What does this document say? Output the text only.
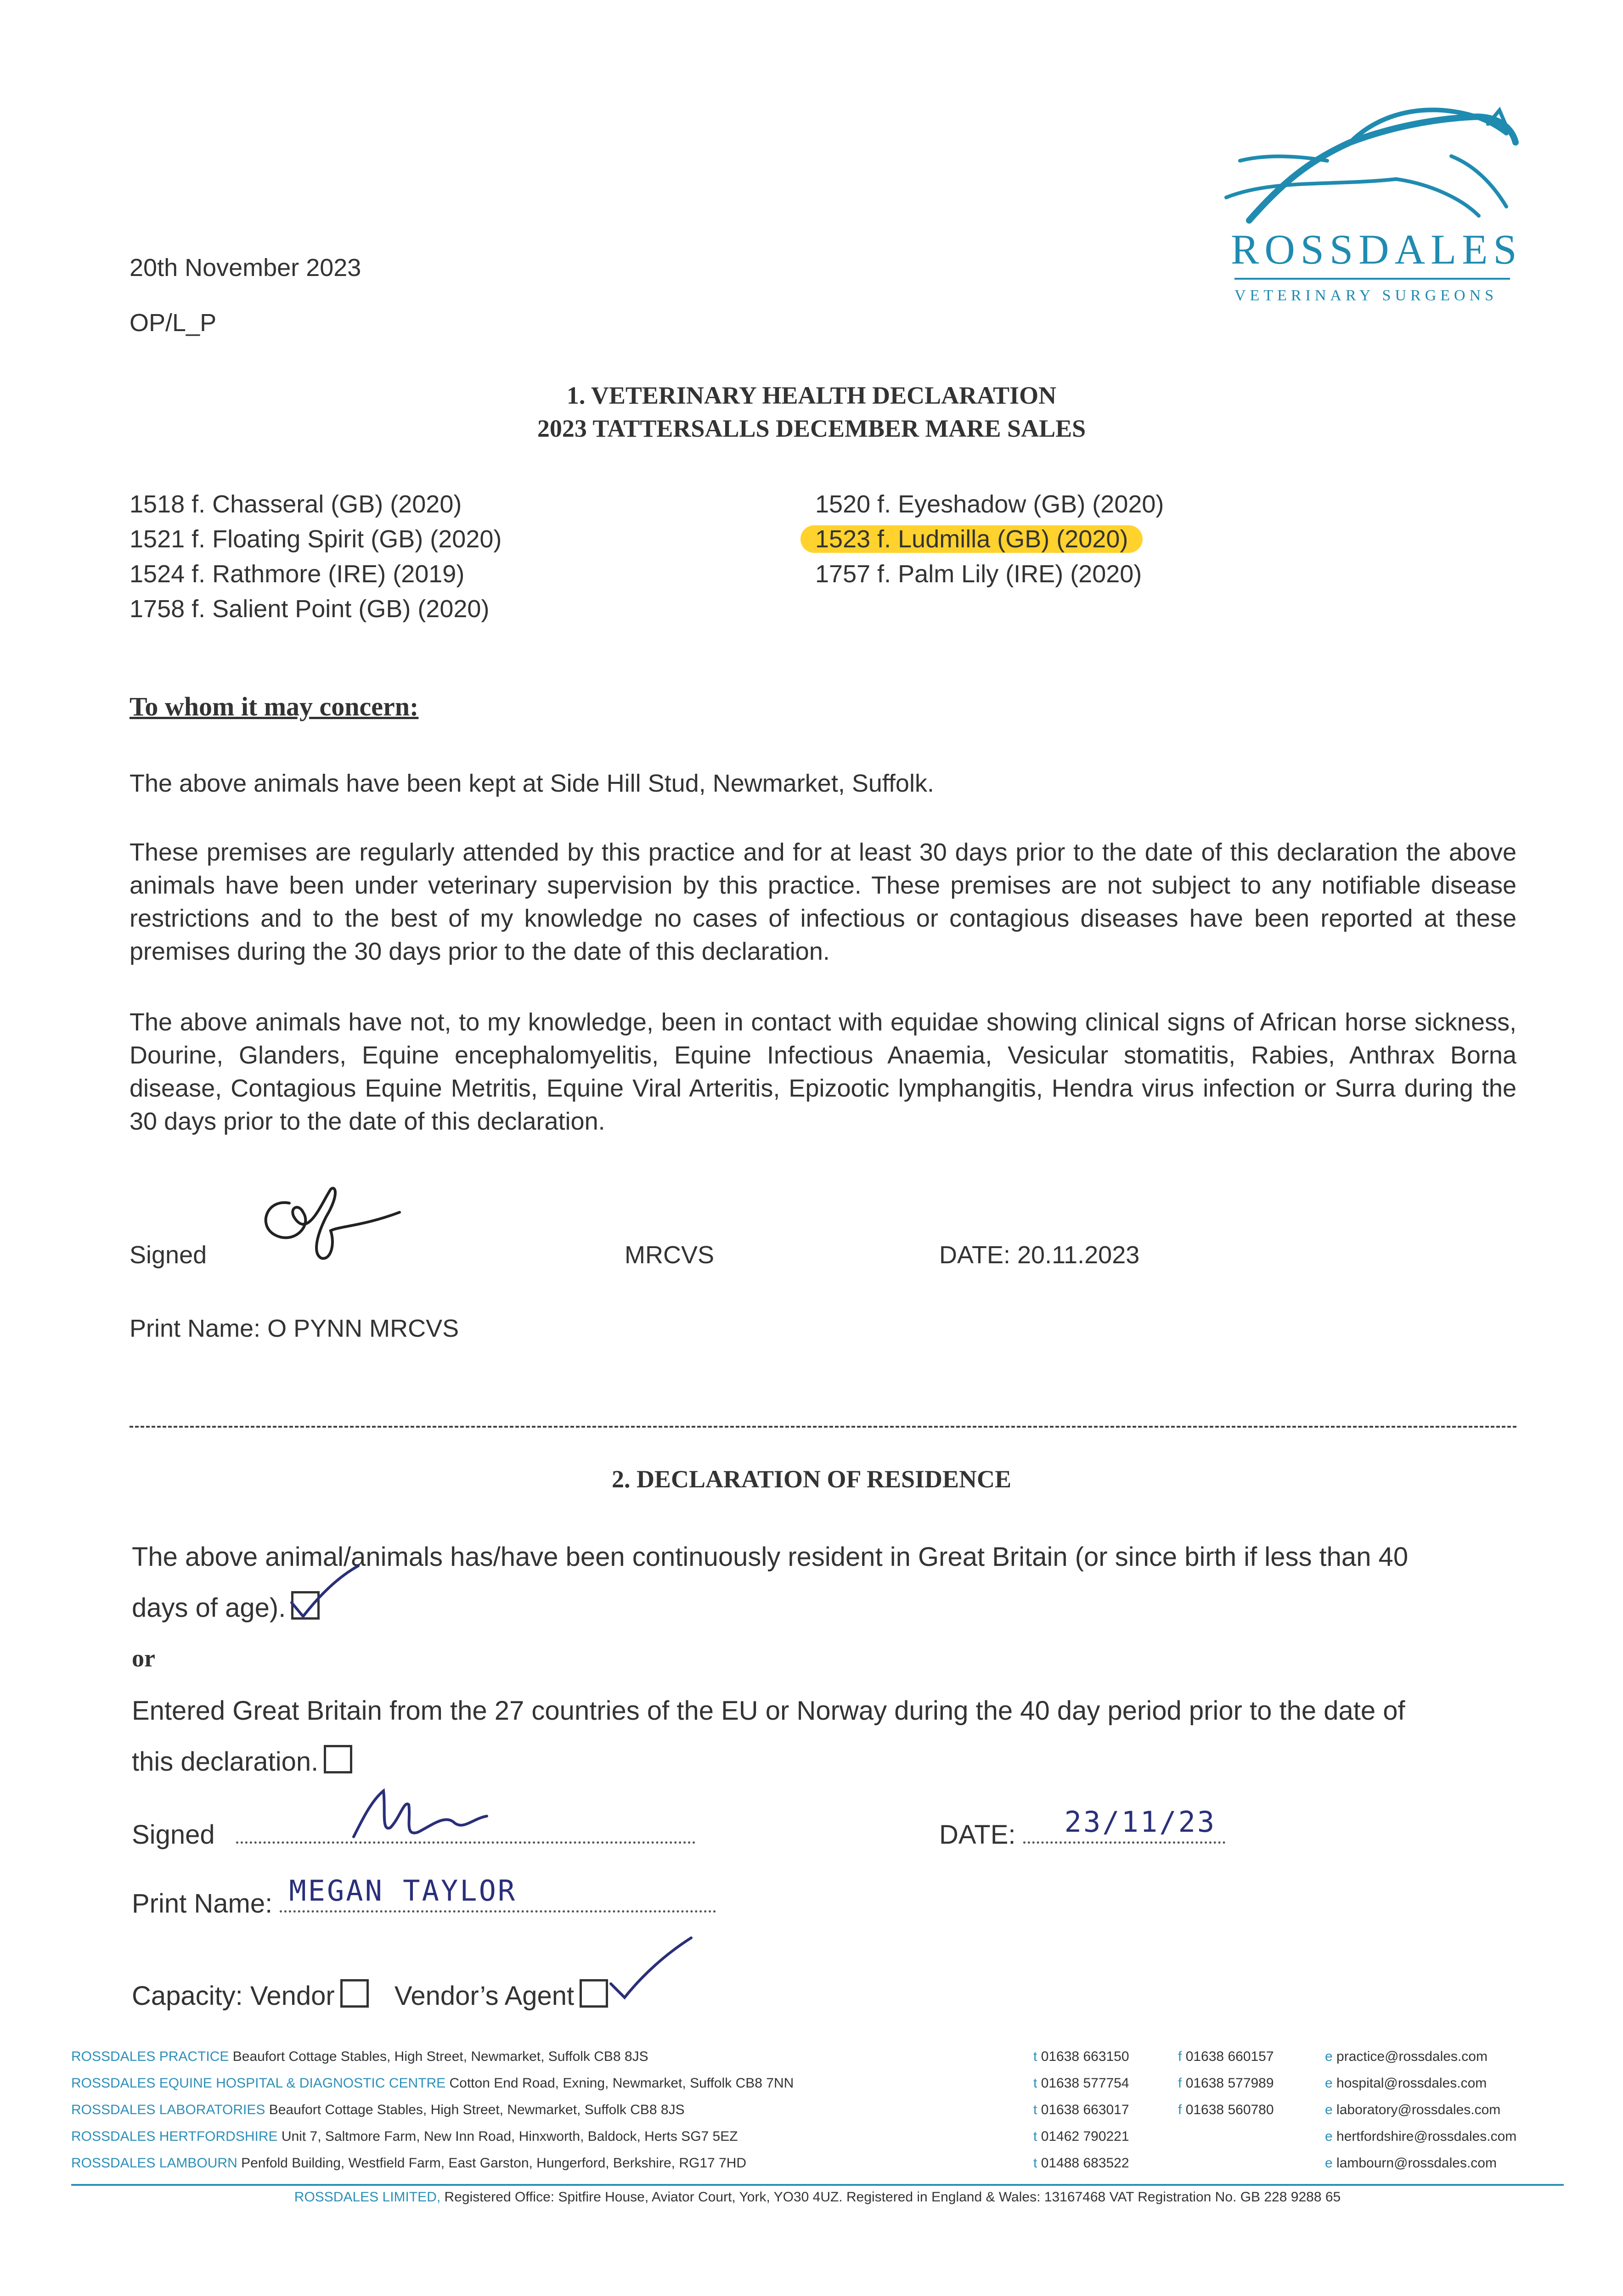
20th November 2023
OP/L_P
ROSSDALES
VETERINARY SURGEONS
1. VETERINARY HEALTH DECLARATION
2023 TATTERSALLS DECEMBER MARE SALES
1518 f. Chasseral (GB) (2020)
1521 f. Floating Spirit (GB) (2020)
1524 f. Rathmore (IRE) (2019)
1758 f. Salient Point (GB) (2020)
1520 f. Eyeshadow (GB) (2020)
1523 f. Ludmilla (GB) (2020)
1757 f. Palm Lily (IRE) (2020)
To whom it may concern:
The above animals have been kept at Side Hill Stud, Newmarket, Suffolk.
These premises are regularly attended by this practice and for at least 30 days prior to the date of this declaration the above animals have been under veterinary supervision by this practice. These premises are not subject to any notifiable disease restrictions and to the best of my knowledge no cases of infectious or contagious diseases have been reported at these premises during the 30 days prior to the date of this declaration.
The above animals have not, to my knowledge, been in contact with equidae showing clinical signs of African horse sickness, Dourine, Glanders, Equine encephalomyelitis, Equine Infectious Anaemia, Vesicular stomatitis, Rabies, Anthrax Borna disease, Contagious Equine Metritis, Equine Viral Arteritis, Epizootic lymphangitis, Hendra virus infection or Surra during the 30 days prior to the date of this declaration.
Signed	MRCVS	DATE: 20.11.2023
Print Name: O PYNN MRCVS
2. DECLARATION OF RESIDENCE
The above animal/animals has/have been continuously resident in Great Britain (or since birth if less than 40
days of age).
or
Entered Great Britain from the 27 countries of the EU or Norway during the 40 day period prior to the date of
this declaration.
Signed	DATE: 23/11/23
Print Name: MEGAN TAYLOR
Capacity: Vendor Vendor’s Agent
ROSSDALES PRACTICE Beaufort Cottage Stables, High Street, Newmarket, Suffolk CB8 8JS	t 01638 663150	f 01638 660157	e practice@rossdales.com
ROSSDALES EQUINE HOSPITAL & DIAGNOSTIC CENTRE Cotton End Road, Exning, Newmarket, Suffolk CB8 7NN	t 01638 577754	f 01638 577989	e hospital@rossdales.com
ROSSDALES LABORATORIES Beaufort Cottage Stables, High Street, Newmarket, Suffolk CB8 8JS	t 01638 663017	f 01638 560780	e laboratory@rossdales.com
ROSSDALES HERTFORDSHIRE Unit 7, Saltmore Farm, New Inn Road, Hinxworth, Baldock, Herts SG7 5EZ	t 01462 790221	e hertfordshire@rossdales.com
ROSSDALES LAMBOURN Penfold Building, Westfield Farm, East Garston, Hungerford, Berkshire, RG17 7HD	t 01488 683522	e lambourn@rossdales.com
ROSSDALES LIMITED, Registered Office: Spitfire House, Aviator Court, York, YO30 4UZ. Registered in England & Wales: 13167468 VAT Registration No. GB 228 9288 65
